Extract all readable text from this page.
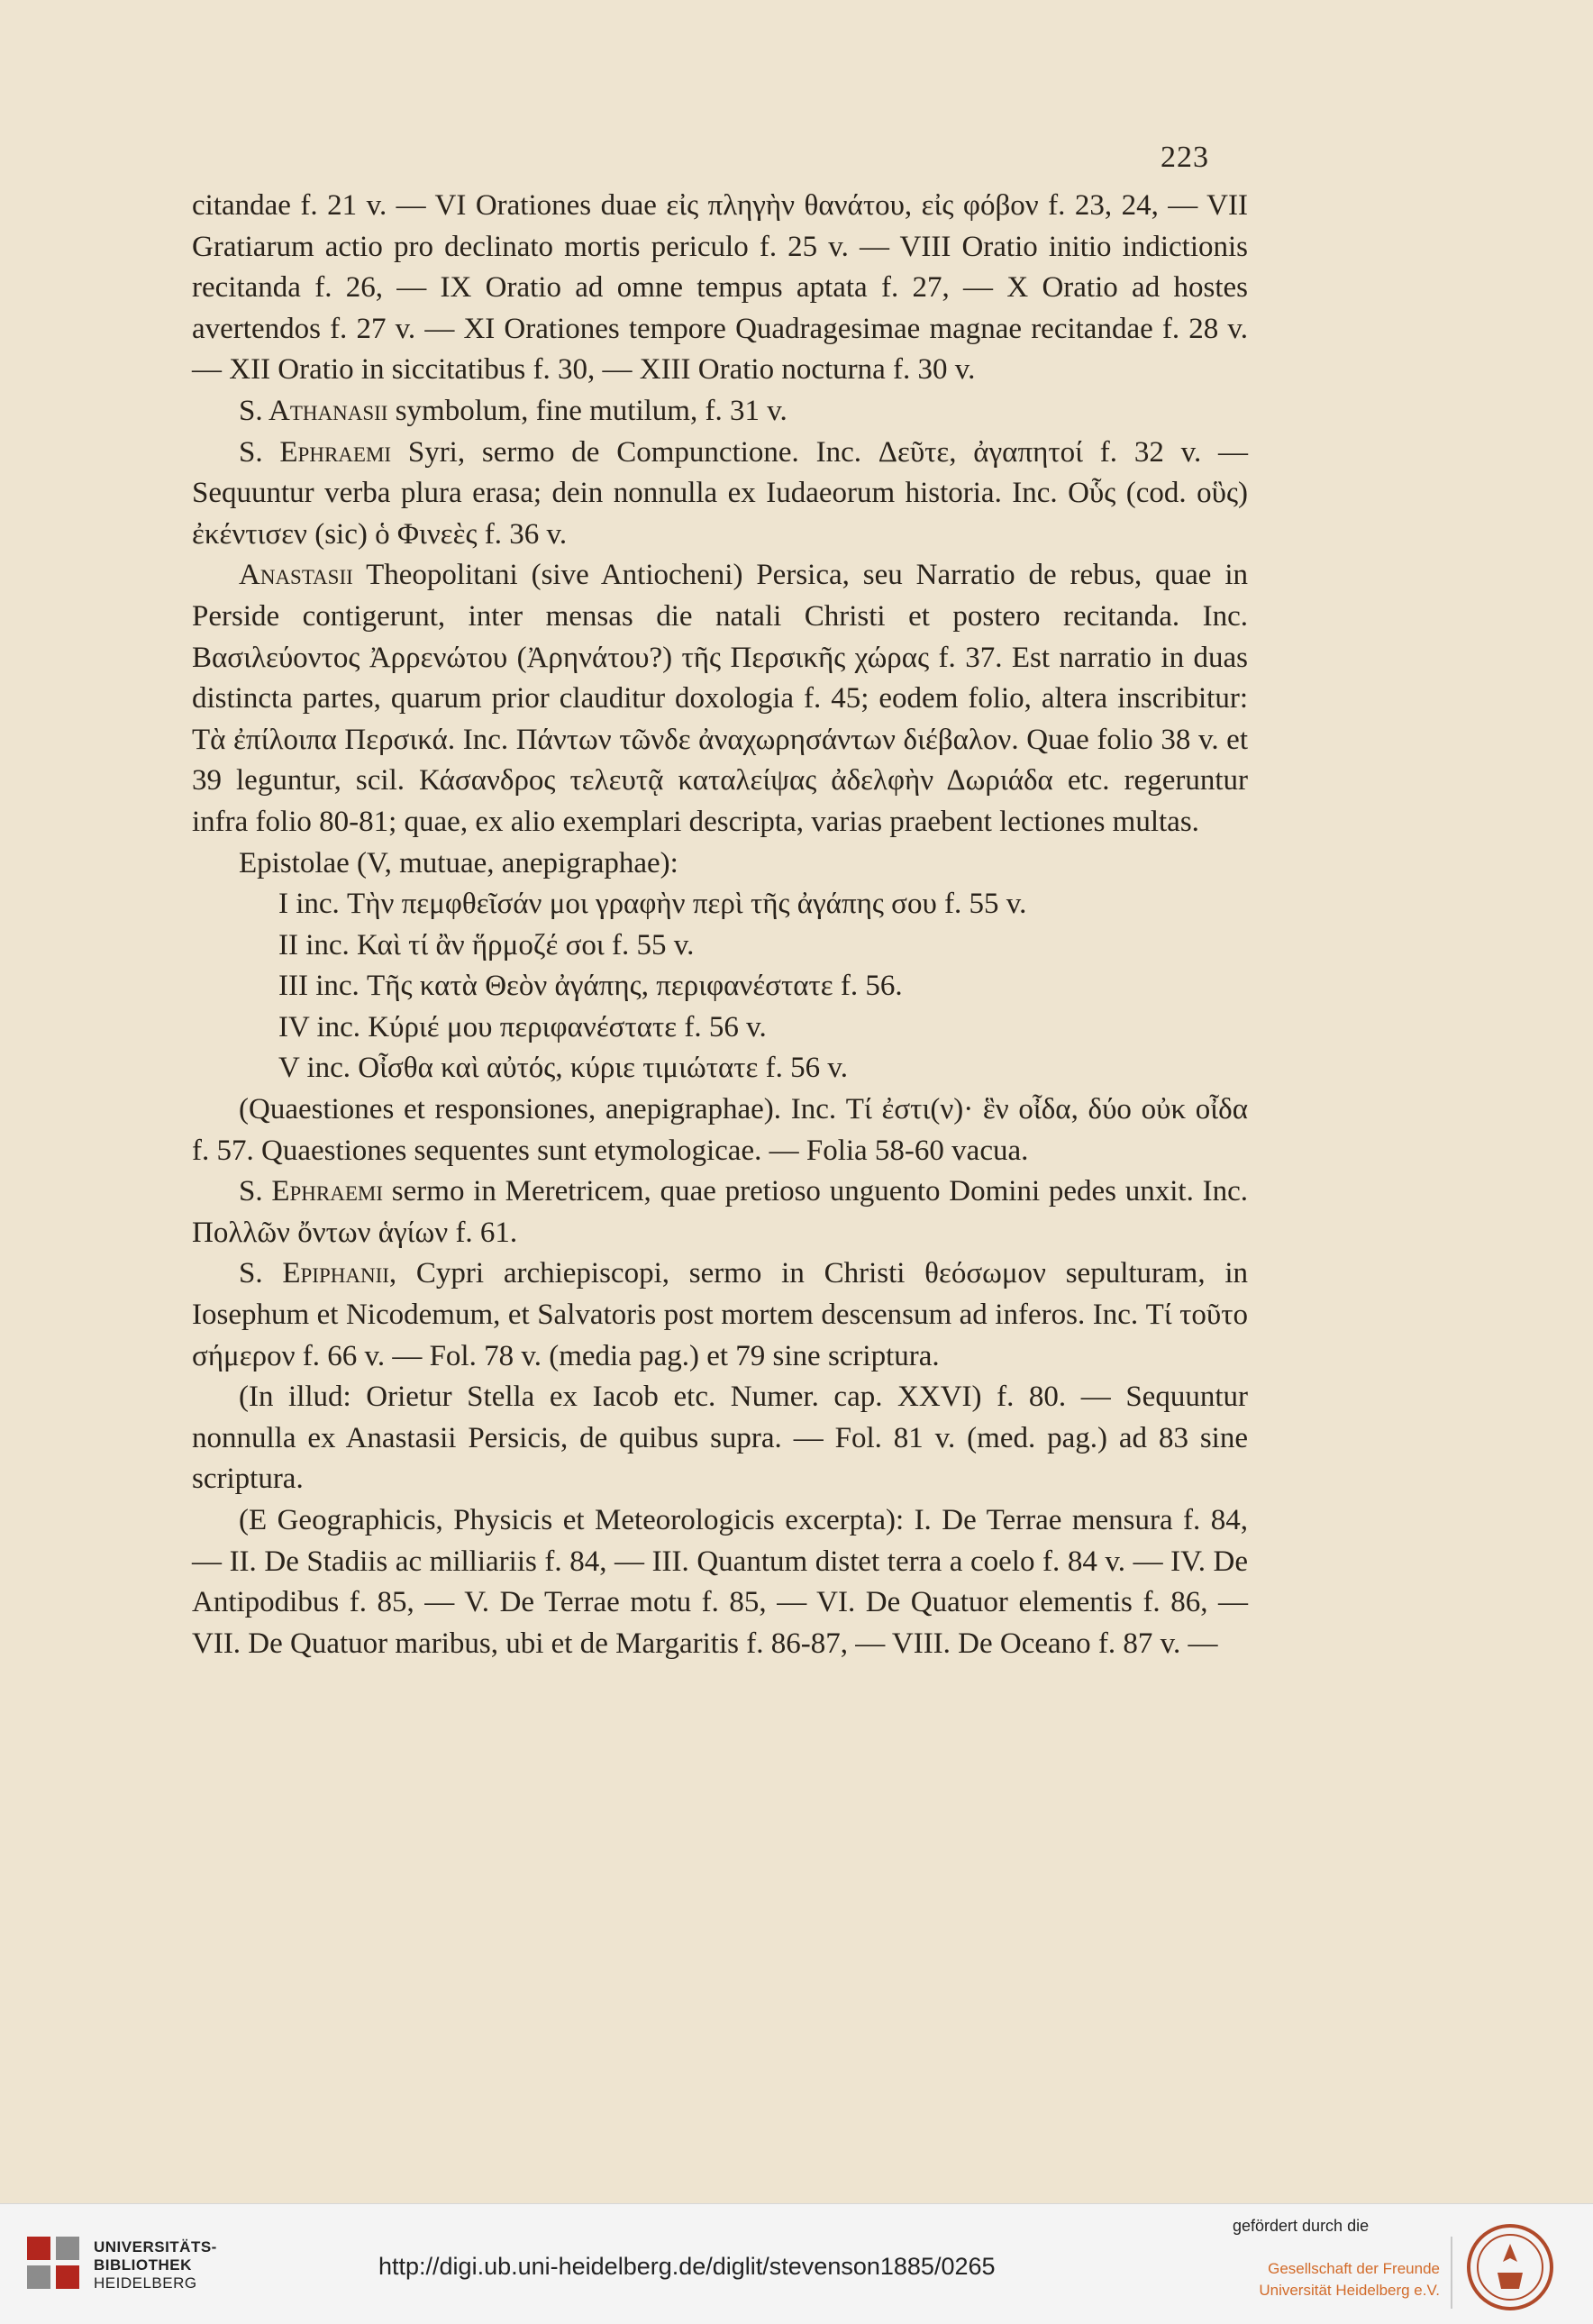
223

citandae f. 21 v. — VI Orationes duae εἰς πληγὴν θανάτου, εἰς φόβον f. 23, 24, — VII Gratiarum actio pro declinato mortis periculo f. 25 v. — VIII Oratio initio indictionis recitanda f. 26, — IX Oratio ad omne tempus aptata f. 27, — X Oratio ad hostes avertendos f. 27 v. — XI Orationes tempore Quadragesimae magnae recitandae f. 28 v. — XII Oratio in siccitatibus f. 30, — XIII Oratio nocturna f. 30 v.

S. Athanasii symbolum, fine mutilum, f. 31 v.

S. Ephraemi Syri, sermo de Compunctione. Inc. Δεῦτε, ἀγαπητοί f. 32 v. — Sequuntur verba plura erasa; dein nonnulla ex Iudaeorum historia. Inc. Οὗς (cod. οὓς) ἐκέντισεν (sic) ὁ Φινεὲς f. 36 v.

Anastasii Theopolitani (sive Antiocheni) Persica, seu Narratio de rebus, quae in Perside contigerunt, inter mensas die natali Christi et postero recitanda. Inc. Βασιλεύοντος Ἀρρενώτου (Ἀρηνάτου?) τῆς Περσικῆς χώρας f. 37. Est narratio in duas distincta partes, quarum prior clauditur doxologia f. 45; eodem folio, altera inscribitur: Τὰ ἐπίλοιπα Περσικά. Inc. Πάντων τῶνδε ἀναχωρησάντων διέβαλον. Quae folio 38 v. et 39 leguntur, scil. Κάσανδρος τελευτᾷ καταλείψας ἀδελφὴν Δωριάδα etc. regeruntur infra folio 80-81; quae, ex alio exemplari descripta, varias praebent lectiones multas.

Epistolae (V, mutuae, anepigraphae):

I inc. Τὴν πεμφθεῖσάν μοι γραφὴν περὶ τῆς ἀγάπης σου f. 55 v.

II inc. Καὶ τί ἂν ἥρμοζέ σοι f. 55 v.

III inc. Τῆς κατὰ Θεὸν ἀγάπης, περιφανέστατε f. 56.

IV inc. Κύριέ μου περιφανέστατε f. 56 v.

V inc. Οἶσθα καὶ αὐτός, κύριε τιμιώτατε f. 56 v.

(Quaestiones et responsiones, anepigraphae). Inc. Τί ἐστι(ν)· ἓν οἶδα, δύο οὐκ οἶδα f. 57. Quaestiones sequentes sunt etymologicae. — Folia 58-60 vacua.

S. Ephraemi sermo in Meretricem, quae pretioso unguento Domini pedes unxit. Inc. Πολλῶν ὄντων ἁγίων f. 61.

S. Epiphanii, Cypri archiepiscopi, sermo in Christi θεόσωμον sepulturam, in Iosephum et Nicodemum, et Salvatoris post mortem descensum ad inferos. Inc. Τί τοῦτο σήμερον f. 66 v. — Fol. 78 v. (media pag.) et 79 sine scriptura.

(In illud: Orietur Stella ex Iacob etc. Numer. cap. XXVI) f. 80. — Sequuntur nonnulla ex Anastasii Persicis, de quibus supra. — Fol. 81 v. (med. pag.) ad 83 sine scriptura.

(E Geographicis, Physicis et Meteorologicis excerpta): I. De Terrae mensura f. 84, — II. De Stadiis ac milliariis f. 84, — III. Quantum distet terra a coelo f. 84 v. — IV. De Antipodibus f. 85, — V. De Terrae motu f. 85, — VI. De Quatuor elementis f. 86, — VII. De Quatuor maribus, ubi et de Margaritis f. 86-87, — VIII. De Oceano f. 87 v. —

UNIVERSITÄTS-
BIBLIOTHEK
HEIDELBERG
http://digi.ub.uni-heidelberg.de/diglit/stevenson1885/0265
gefördert durch die
Gesellschaft der Freunde
Universität Heidelberg e.V.
